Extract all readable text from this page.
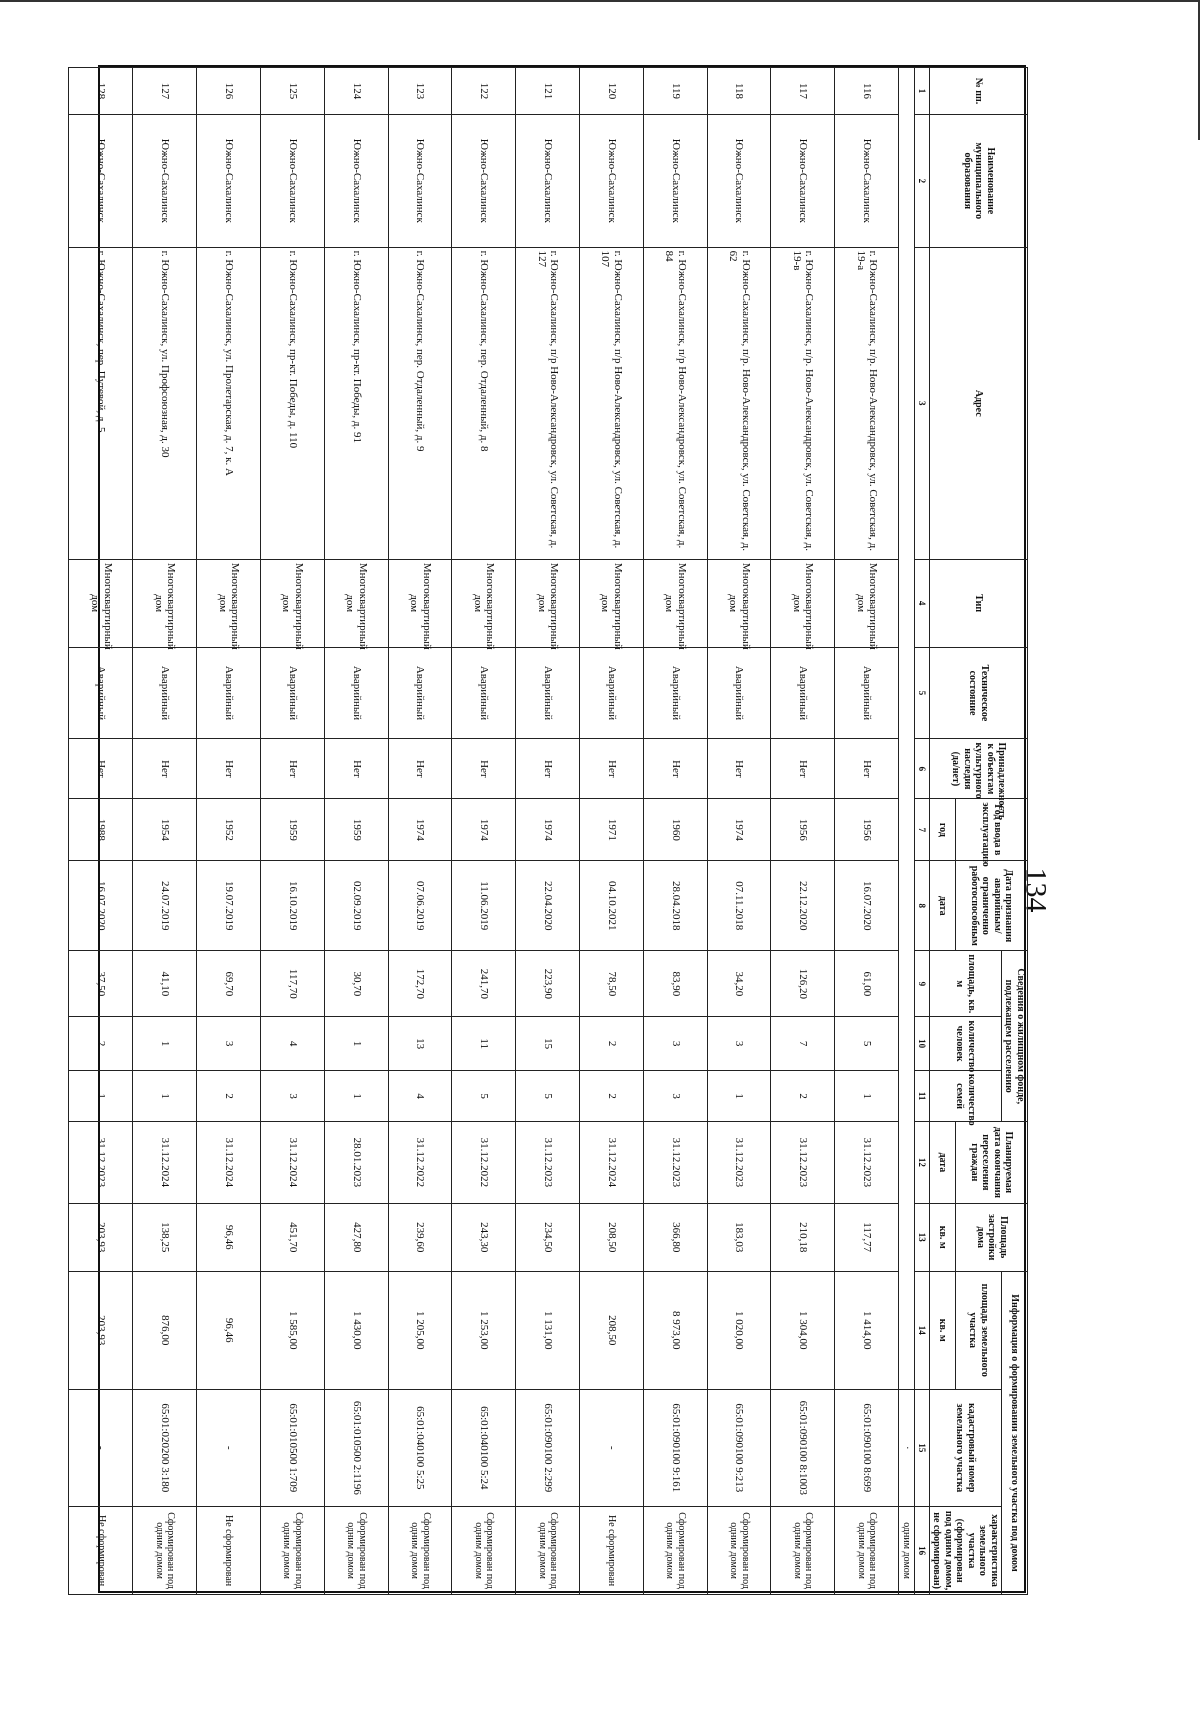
134
№ пп.	Наименование муниципального образования	Адрес	Тип	Техническое состояние	Принадлежность к объектам культурного наследия (да/нет)	Год ввода в эксплуатацию	Дата признания аварийным/ограниченно работоспособным	Сведения о жилищном фонде, подлежащем расселению			Планируемая дата окончания переселения граждан	Площадь застройки дома	Информация о формировании земельного участка под домом		
								площадь, кв. м	количество человек	количество семей			площадь земельного участка	кадастровый номер земельного участка	характеристика земельного участка (сформирован под одним домом, не сформирован)
						год	дата				дата	кв. м	кв. м		
1	2	3	4	5	6	7	8	9	10	11	12	13	14	15	16
														·	одним домом
116	Южно-Сахалинск	г. Южно-Сахалинск, п/р. Ново-Александровск, ул. Советская, д. 19-а	Многоквартирный дом	Аварийный	Нет	1956	16.07.2020	61,00	5	1	31.12.2023	117,77	1 414,00	65:01:090100 8:699	Сформирован под одним домом
117	Южно-Сахалинск	г. Южно-Сахалинск, п/р. Ново-Александровск, ул. Советская, д. 19-в	Многоквартирный дом	Аварийный	Нет	1956	22.12.2020	126,20	7	2	31.12.2023	210,18	1 304,00	65:01:090100 8:1003	Сформирован под одним домом
118	Южно-Сахалинск	г. Южно-Сахалинск, п/р. Ново-Александровск, ул. Советская, д. 62	Многоквартирный дом	Аварийный	Нет	1974	07.11.2018	34,20	3	1	31.12.2023	183,03	1 020,00	65:01:090100 9:213	Сформирован под одним домом
119	Южно-Сахалинск	г. Южно-Сахалинск, п/р Ново-Александровск, ул. Советская, д. 84	Многоквартирный дом	Аварийный	Нет	1960	28.04.2018	83,90	3	3	31.12.2023	366,80	8 973,00	65:01:090100 9:161	Сформирован под одним домом
120	Южно-Сахалинск	г. Южно-Сахалинск, п/р Ново-Александровск, ул. Советская, д. 107	Многоквартирный дом	Аварийный	Нет	1971	04.10.2021	78,50	2	2	31.12.2024	208,50	208,50	-	Не сформирован
121	Южно-Сахалинск	г. Южно-Сахалинск, п/р Ново-Александровск, ул. Советская, д. 127	Многоквартирный дом	Аварийный	Нет	1974	22.04.2020	223,90	15	5	31.12.2023	234,50	1 131,00	65:01:090100 2:299	Сформирован под одним домом
122	Южно-Сахалинск	г. Южно-Сахалинск, пер. Отдаленный, д. 8	Многоквартирный дом	Аварийный	Нет	1974	11.06.2019	241,70	11	5	31.12.2022	243,30	1 253,00	65:01:040100 5:24	Сформирован под одним домом
123	Южно-Сахалинск	г. Южно-Сахалинск, пер. Отдаленный, д. 9	Многоквартирный дом	Аварийный	Нет	1974	07.06.2019	172,70	13	4	31.12.2022	239,60	1 205,00	65:01:040100 5:25	Сформирован под одним домом
124	Южно-Сахалинск	г. Южно-Сахалинск, пр-кт. Победы, д. 91	Многоквартирный дом	Аварийный	Нет	1959	02.09.2019	30,70	1	1	28.01.2023	427,80	1 430,00	65:01:010500 2:1196	Сформирован под одним домом
125	Южно-Сахалинск	г. Южно-Сахалинск, пр-кт. Победы, д. 110	Многоквартирный дом	Аварийный	Нет	1959	16.10.2019	117,70	4	3	31.12.2024	451,70	1 585,00	65:01:010500 1:709	Сформирован под одним домом
126	Южно-Сахалинск	г. Южно-Сахалинск, ул. Пролетарская, д. 7, к. А	Многоквартирный дом	Аварийный	Нет	1952	19.07.2019	69,70	3	2	31.12.2024	96,46	96,46	-	Не сформирован
127	Южно-Сахалинск	г. Южно-Сахалинск, ул. Профсоюзная, д. 30	Многоквартирный дом	Аварийный	Нет	1954	24.07.2019	41,10	1	1	31.12.2024	138,25	876,00	65:01:020200 3:180	Сформирован под одним домом
128	Южно-Сахалинск	г. Южно-Сахалинск, пер. Путевой, д. 5	Многоквартирный дом	Аварийный	Нет	1988	16.07.2020	37,50	2	1	31.12.2023	203,93	203,93	-	Не сформирован
